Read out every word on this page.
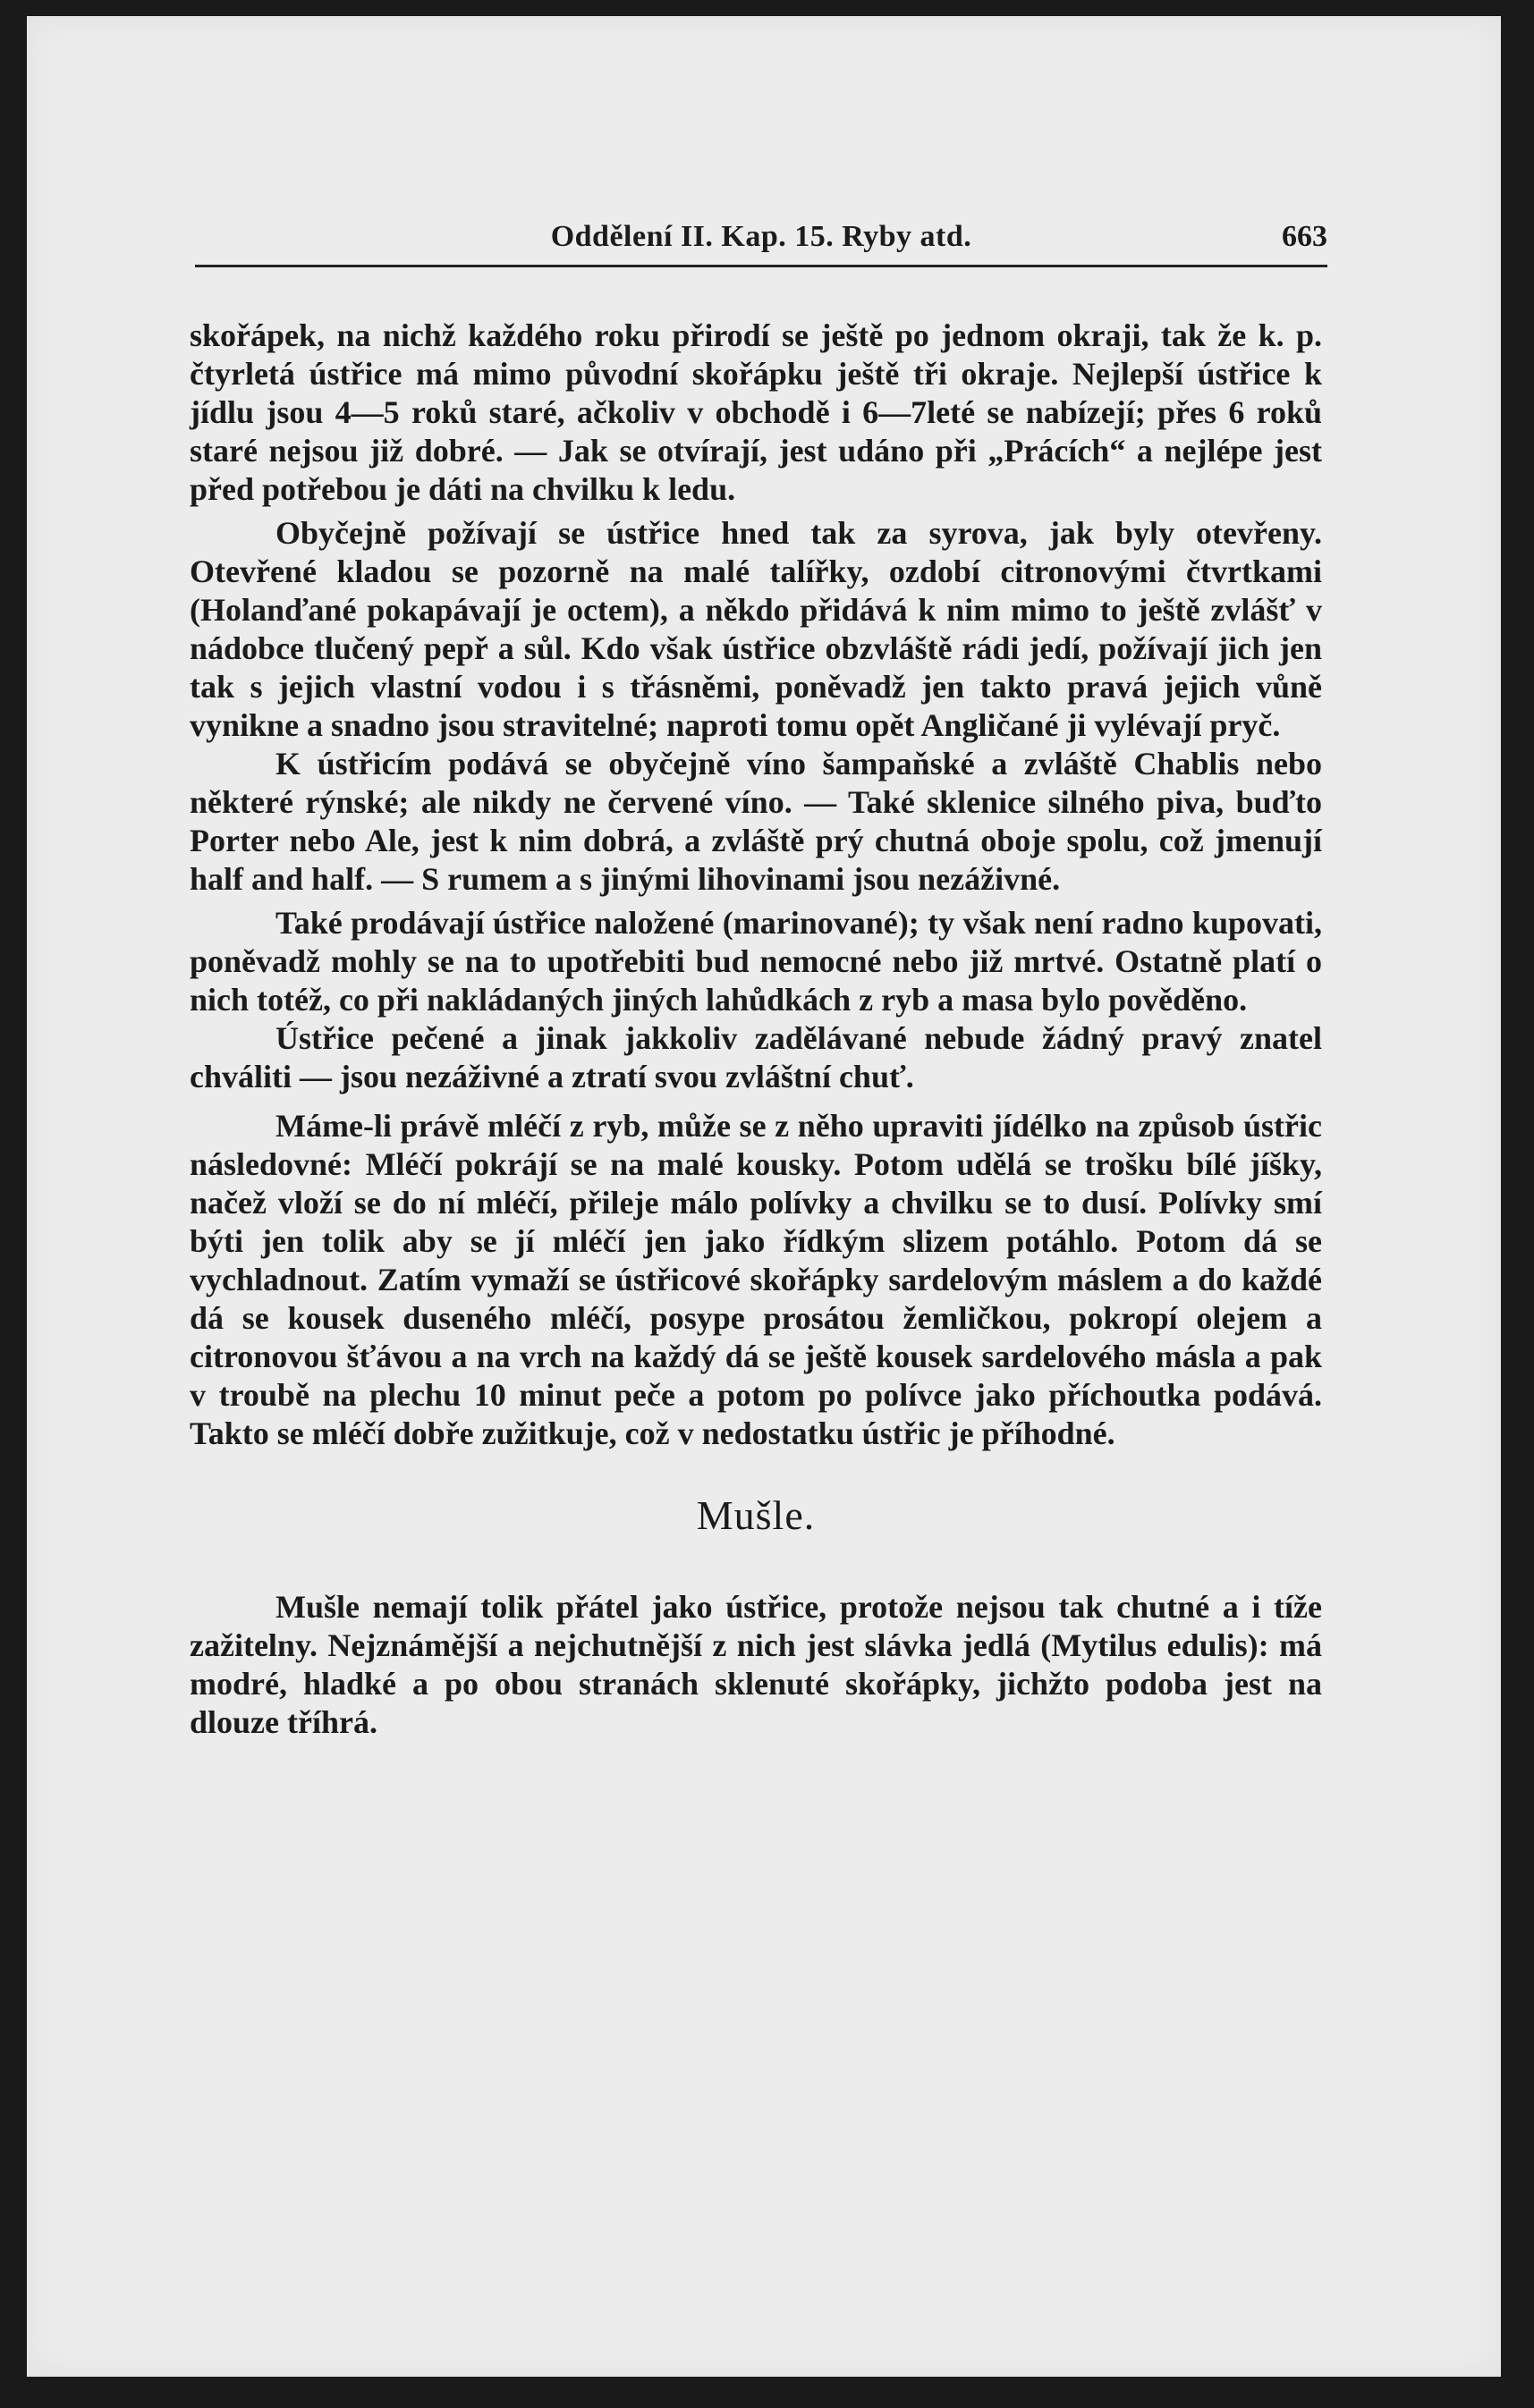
Oddělení II. Kap. 15. Ryby atd.	663

skořápek, na nichž každého roku přirodí se ještě po jednom okraji, tak že k. p. čtyrletá ústřice má mimo původní skořápku ještě tři okraje. Nejlepší ústřice k jídlu jsou 4—5 roků staré, ačkoliv v obchodě i 6—7leté se nabízejí; přes 6 roků staré nejsou již dobré. — Jak se otvírají, jest udáno při „Prácích“ a nejlépe jest před potřebou je dáti na chvilku k ledu.

Obyčejně požívají se ústřice hned tak za syrova, jak byly otevřeny. Otevřené kladou se pozorně na malé talířky, ozdobí citronovými čtvrtkami (Holanďané pokapávají je octem), a někdo přidává k nim mimo to ještě zvlášť v nádobce tlučený pepř a sůl. Kdo však ústřice obzvláště rádi jedí, požívají jich jen tak s jejich vlastní vodou i s třásněmi, poněvadž jen takto pravá jejich vůně vynikne a snadno jsou stravitelné; naproti tomu opět Angličané ji vylévají pryč.

K ústřicím podává se obyčejně víno šampaňské a zvláště Chablis nebo některé rýnské; ale nikdy ne červené víno. — Také sklenice silného piva, buďto Porter nebo Ale, jest k nim dobrá, a zvláště prý chutná oboje spolu, což jmenují half and half. — S rumem a s jinými lihovinami jsou nezáživné.

Také prodávají ústřice naložené (marinované); ty však není radno kupovati, poněvadž mohly se na to upotřebiti bud nemocné nebo již mrtvé. Ostatně platí o nich totéž, co při nakládaných jiných lahůdkách z ryb a masa bylo pověděno.

Ústřice pečené a jinak jakkoliv zadělávané nebude žádný pravý znatel chváliti — jsou nezáživné a ztratí svou zvláštní chuť.

Máme-li právě mléčí z ryb, může se z něho upraviti jídélko na způsob ústřic následovné: Mléčí pokrájí se na malé kousky. Potom udělá se trošku bílé jíšky, načež vloží se do ní mléčí, přileje málo polívky a chvilku se to dusí. Polívky smí býti jen tolik aby se jí mléčí jen jako řídkým slizem potáhlo. Potom dá se vychladnout. Zatím vymaží se ústřicové skořápky sardelovým máslem a do každé dá se kousek duseného mléčí, posype prosátou žemličkou, pokropí olejem a citronovou šťávou a na vrch na každý dá se ještě kousek sardelového másla a pak v troubě na plechu 10 minut peče a potom po polívce jako příchoutka podává. Takto se mléčí dobře zužitkuje, což v nedostatku ústřic je příhodné.

Mušle.

Mušle nemají tolik přátel jako ústřice, protože nejsou tak chutné a i tíže zažitelny. Nejznámější a nejchutnější z nich jest slávka jedlá (Mytilus edulis): má modré, hladké a po obou stranách sklenuté skořápky, jichžto podoba jest na dlouze tříhrá.
